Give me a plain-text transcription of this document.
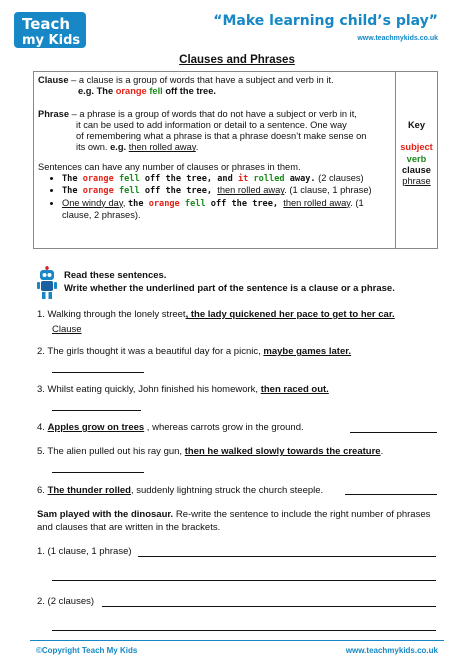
Teach
my Kids
“Make learning child’s play”
www.teachmykids.co.uk
Clauses and Phrases

Clause – a clause is a group of words that have a subject and verb in it.

e.g. The orange fell off the tree.

Phrase – a phrase is a group of words that do not have a subject or verb in it,

it can be used to add information or detail to a sentence. One way

of remembering what a phrase is that a phrase doesn’t make sense on

its own. e.g. then rolled away.

Sentences can have any number of clauses or phrases in them.

• The orange fell off the tree, and it rolled away. (2 clauses)
• The orange fell off the tree, then rolled away. (1 clause, 1 phrase)
• One windy day, the orange fell off the tree, then rolled away. (1 clause, 2 phrases).
Key
subject
verb
clause
phrase
Read these sentences.
Write whether the underlined part of the sentence is a clause or a phrase.
1. Walking through the lonely street, the lady quickened her pace to get to her car.
Clause
2. The girls thought it was a beautiful day for a picnic, maybe games later.
3. Whilst eating quickly, John finished his homework, then raced out.
4. Apples grow on trees , whereas carrots grow in the ground.
5. The alien pulled out his ray gun, then he walked slowly towards the creature.
6. The thunder rolled, suddenly lightning struck the church steeple.
Sam played with the dinosaur. Re-write the sentence to include the right number of phrases and clauses that are written in the brackets.
1. (1 clause, 1 phrase)
2. (2 clauses)
©Copyright Teach My Kids	www.teachmykids.co.uk
